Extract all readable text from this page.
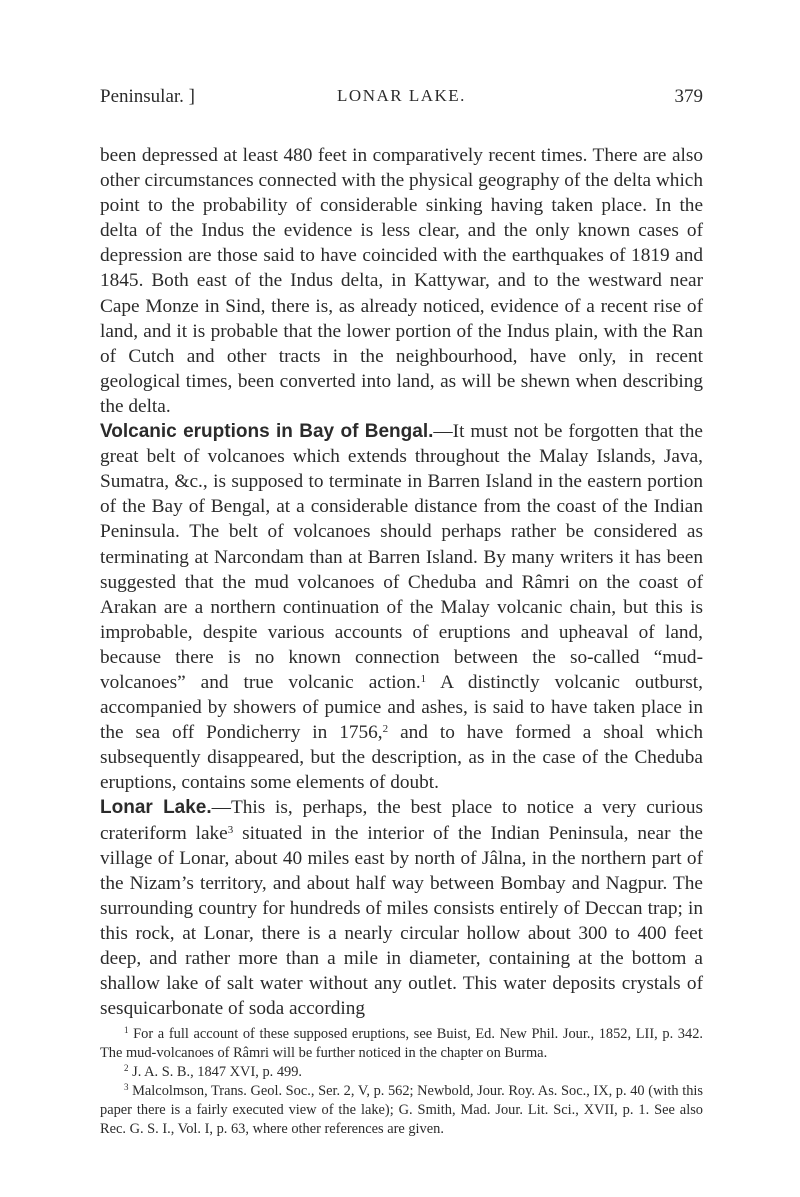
Peninsular. ]	LONAR LAKE.	379

been depressed at least 480 feet in comparatively recent times. There are also other circumstances connected with the physical geography of the delta which point to the probability of considerable sinking having taken place. In the delta of the Indus the evidence is less clear, and the only known cases of depression are those said to have coincided with the earthquakes of 1819 and 1845. Both east of the Indus delta, in Kattywar, and to the westward near Cape Monze in Sind, there is, as already noticed, evidence of a recent rise of land, and it is probable that the lower portion of the Indus plain, with the Ran of Cutch and other tracts in the neighbourhood, have only, in recent geological times, been converted into land, as will be shewn when describing the delta.

Volcanic eruptions in Bay of Bengal.—It must not be forgotten that the great belt of volcanoes which extends throughout the Malay Islands, Java, Sumatra, &c., is supposed to terminate in Barren Island in the eastern portion of the Bay of Bengal, at a considerable distance from the coast of the Indian Peninsula. The belt of volcanoes should perhaps rather be considered as terminating at Narcondam than at Barren Island. By many writers it has been suggested that the mud volcanoes of Cheduba and Râmri on the coast of Arakan are a northern continuation of the Malay volcanic chain, but this is improbable, despite various accounts of eruptions and upheaval of land, because there is no known connection between the so-called “mud-volcanoes” and true volcanic action.$^1$ A distinctly volcanic outburst, accompanied by showers of pumice and ashes, is said to have taken place in the sea off Pondicherry in 1756,$^2$ and to have formed a shoal which subsequently disappeared, but the description, as in the case of the Cheduba eruptions, contains some elements of doubt.

Lonar Lake.—This is, perhaps, the best place to notice a very curious crateriform lake$^3$ situated in the interior of the Indian Peninsula, near the village of Lonar, about 40 miles east by north of Jâlna, in the northern part of the Nizam’s territory, and about half way between Bombay and Nagpur. The surrounding country for hundreds of miles consists entirely of Deccan trap; in this rock, at Lonar, there is a nearly circular hollow about 300 to 400 feet deep, and rather more than a mile in diameter, containing at the bottom a shallow lake of salt water without any outlet. This water deposits crystals of sesquicarbonate of soda according

$^1$ For a full account of these supposed eruptions, see Buist, Ed. New Phil. Jour., 1852, LII, p. 342. The mud-volcanoes of Râmri will be further noticed in the chapter on Burma.

$^2$ J. A. S. B., 1847 XVI, p. 499.

$^3$ Malcolmson, Trans. Geol. Soc., Ser. 2, V, p. 562; Newbold, Jour. Roy. As. Soc., IX, p. 40 (with this paper there is a fairly executed view of the lake); G. Smith, Mad. Jour. Lit. Sci., XVII, p. 1. See also Rec. G. S. I., Vol. I, p. 63, where other references are given.
